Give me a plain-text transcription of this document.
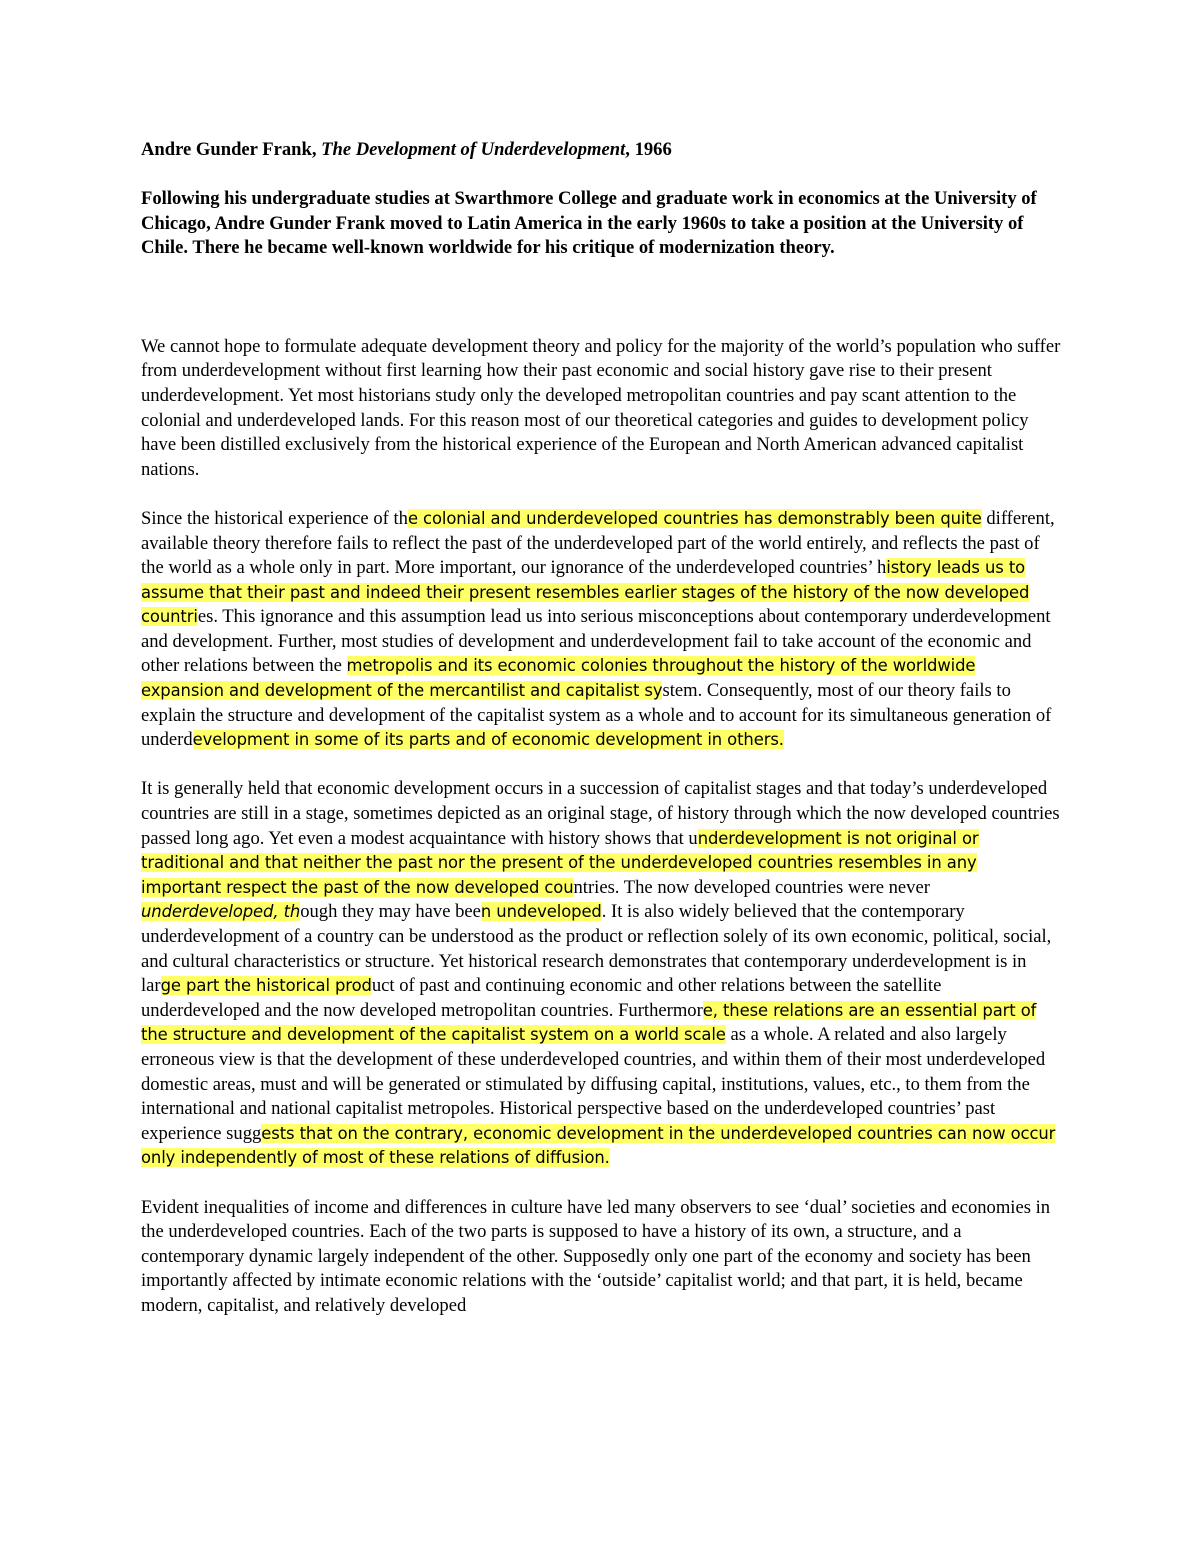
Andre Gunder Frank, The Development of Underdevelopment, 1966
Following his undergraduate studies at Swarthmore College and graduate work in economics at the University of Chicago, Andre Gunder Frank moved to Latin America in the early 1960s to take a position at the University of Chile. There he became well-known worldwide for his critique of modernization theory.
We cannot hope to formulate adequate development theory and policy for the majority of the world’s population who suffer from underdevelopment without first learning how their past economic and social history gave rise to their present underdevelopment. Yet most historians study only the developed metropolitan countries and pay scant attention to the colonial and underdeveloped lands. For this reason most of our theoretical categories and guides to development policy have been distilled exclusively from the historical experience of the European and North American advanced capitalist nations.
Since the historical experience of the colonial and underdeveloped countries has demonstrably been quite different, available theory therefore fails to reflect the past of the underdeveloped part of the world entirely, and reflects the past of the world as a whole only in part. More important, our ignorance of the underdeveloped countries’ history leads us to assume that their past and indeed their present resembles earlier stages of the history of the now developed countries. This ignorance and this assumption lead us into serious misconceptions about contemporary underdevelopment and development. Further, most studies of development and underdevelopment fail to take account of the economic and other relations between the metropolis and its economic colonies throughout the history of the worldwide expansion and development of the mercantilist and capitalist system. Consequently, most of our theory fails to explain the structure and development of the capitalist system as a whole and to account for its simultaneous generation of underdevelopment in some of its parts and of economic development in others.
It is generally held that economic development occurs in a succession of capitalist stages and that today’s underdeveloped countries are still in a stage, sometimes depicted as an original stage, of history through which the now developed countries passed long ago. Yet even a modest acquaintance with history shows that underdevelopment is not original or traditional and that neither the past nor the present of the underdeveloped countries resembles in any important respect the past of the now developed countries. The now developed countries were never underdeveloped, though they may have been undeveloped. It is also widely believed that the contemporary underdevelopment of a country can be understood as the product or reflection solely of its own economic, political, social, and cultural characteristics or structure. Yet historical research demonstrates that contemporary underdevelopment is in large part the historical product of past and continuing economic and other relations between the satellite underdeveloped and the now developed metropolitan countries. Furthermore, these relations are an essential part of the structure and development of the capitalist system on a world scale as a whole. A related and also largely erroneous view is that the development of these underdeveloped countries, and within them of their most underdeveloped domestic areas, must and will be generated or stimulated by diffusing capital, institutions, values, etc., to them from the international and national capitalist metropoles. Historical perspective based on the underdeveloped countries’ past experience suggests that on the contrary, economic development in the underdeveloped countries can now occur only independently of most of these relations of diffusion.
Evident inequalities of income and differences in culture have led many observers to see ‘dual’ societies and economies in the underdeveloped countries. Each of the two parts is supposed to have a history of its own, a structure, and a contemporary dynamic largely independent of the other. Supposedly only one part of the economy and society has been importantly affected by intimate economic relations with the ‘outside’ capitalist world; and that part, it is held, became modern, capitalist, and relatively developed
